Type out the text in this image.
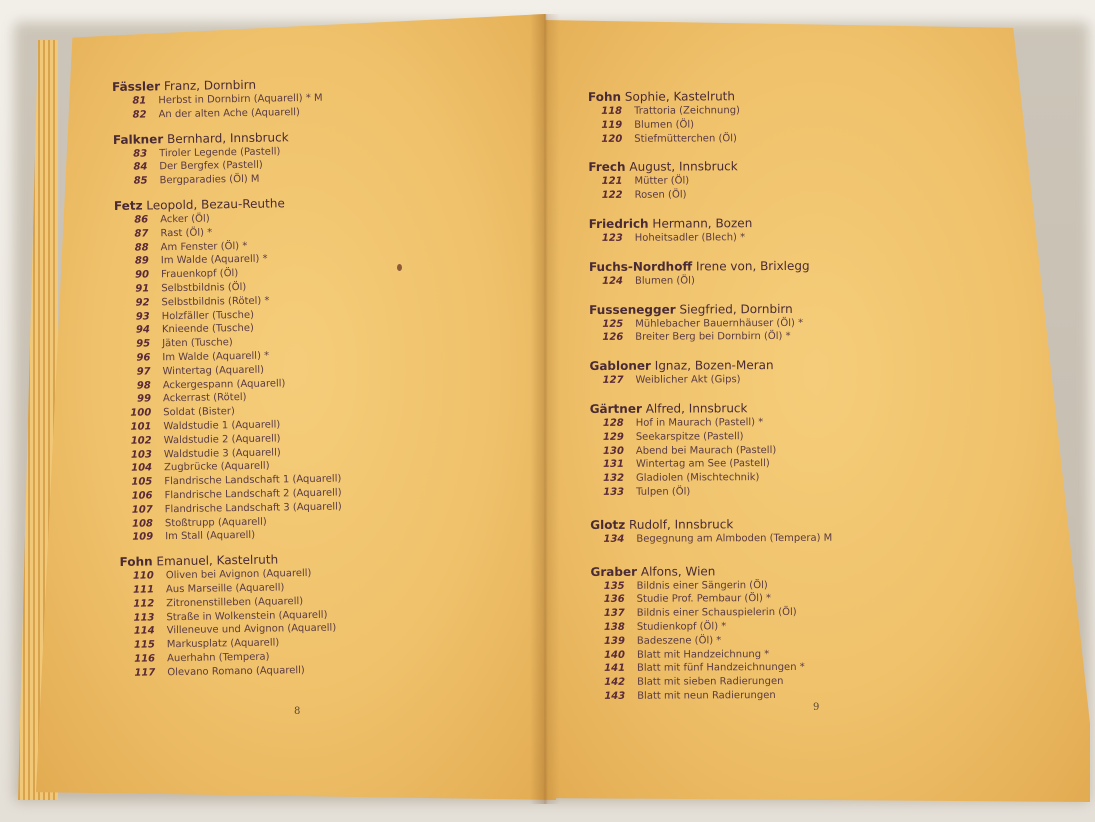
Fässler Franz, Dornbirn
81 Herbst in Dornbirn (Aquarell) * M
82 An der alten Ache (Aquarell)
Falkner Bernhard, Innsbruck
83 Tiroler Legende (Pastell)
84 Der Bergfex (Pastell)
85 Bergparadies (Öl) M
Fetz Leopold, Bezau-Reuthe
86 Acker (Öl)
87 Rast (Öl) *
88 Am Fenster (Öl) *
89 Im Walde (Aquarell) *
90 Frauenkopf (Öl)
91 Selbstbildnis (Öl)
92 Selbstbildnis (Rötel) *
93 Holzfäller (Tusche)
94 Knieende (Tusche)
95 Jäten (Tusche)
96 Im Walde (Aquarell) *
97 Wintertag (Aquarell)
98 Ackergespann (Aquarell)
99 Ackerrast (Rötel)
100 Soldat (Bister)
101 Waldstudie 1 (Aquarell)
102 Waldstudie 2 (Aquarell)
103 Waldstudie 3 (Aquarell)
104 Zugbrücke (Aquarell)
105 Flandrische Landschaft 1 (Aquarell)
106 Flandrische Landschaft 2 (Aquarell)
107 Flandrische Landschaft 3 (Aquarell)
108 Stoßtrupp (Aquarell)
109 Im Stall (Aquarell)
Fohn Emanuel, Kastelruth
110 Oliven bei Avignon (Aquarell)
111 Aus Marseille (Aquarell)
112 Zitronenstilleben (Aquarell)
113 Straße in Wolkenstein (Aquarell)
114 Villeneuve und Avignon (Aquarell)
115 Markusplatz (Aquarell)
116 Auerhahn (Tempera)
117 Olevano Romano (Aquarell)
Fohn Sophie, Kastelruth
118 Trattoria (Zeichnung)
119 Blumen (Öl)
120 Stiefmütterchen (Öl)
Frech August, Innsbruck
121 Mütter (Öl)
122 Rosen (Öl)
Friedrich Hermann, Bozen
123 Hoheitsadler (Blech) *
Fuchs-Nordhoff Irene von, Brixlegg
124 Blumen (Öl)
Fussenegger Siegfried, Dornbirn
125 Mühlebacher Bauernhäuser (Öl) *
126 Breiter Berg bei Dornbirn (Öl) *
Gabloner Ignaz, Bozen-Meran
127 Weiblicher Akt (Gips)
Gärtner Alfred, Innsbruck
128 Hof in Maurach (Pastell) *
129 Seekarspitze (Pastell)
130 Abend bei Maurach (Pastell)
131 Wintertag am See (Pastell)
132 Gladiolen (Mischtechnik)
133 Tulpen (Öl)
Glotz Rudolf, Innsbruck
134 Begegnung am Almboden (Tempera) M
Graber Alfons, Wien
135 Bildnis einer Sängerin (Öl)
136 Studie Prof. Pembaur (Öl) *
137 Bildnis einer Schauspielerin (Öl)
138 Studienkopf (Öl) *
139 Badeszene (Öl) *
140 Blatt mit Handzeichnung *
141 Blatt mit fünf Handzeichnungen *
142 Blatt mit sieben Radierungen
143 Blatt mit neun Radierungen
8	9
